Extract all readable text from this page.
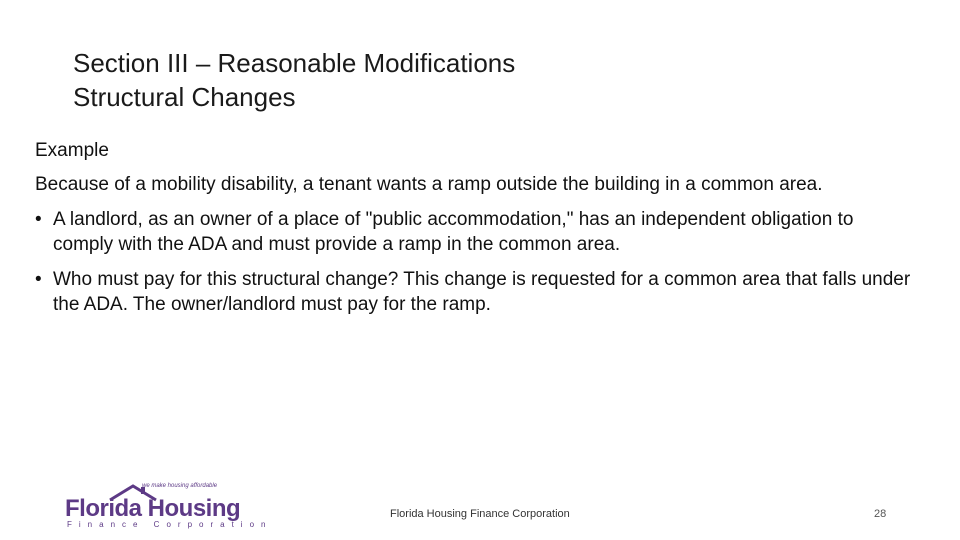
Section III – Reasonable Modifications
Structural Changes

Example

Because of a mobility disability, a tenant wants a ramp outside the building in a common area.

• A landlord, as an owner of a place of "public accommodation," has an independent obligation to comply with the ADA and must provide a ramp in the common area.
• Who must pay for this structural change? This change is requested for a common area that falls under the ADA. The owner/landlord must pay for the ramp.
we make housing affordable
Florida Housing
Finance Corporation
Florida Housing Finance Corporation	28
